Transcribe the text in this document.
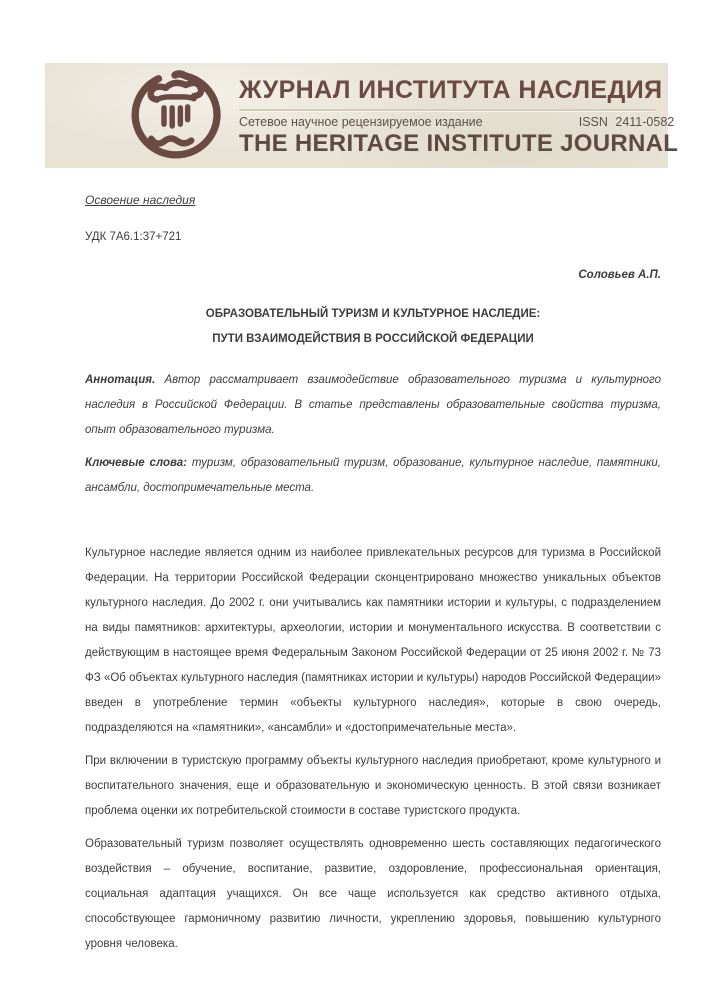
ЖУРНАЛ ИНСТИТУТА НАСЛЕДИЯ
Сетевое научное рецензируемое издание	ISSN 2411-0582
THE HERITAGE INSTITUTE JOURNAL
Освоение наследия
УДК 7А6.1:37+721
Соловьев А.П.
ОБРАЗОВАТЕЛЬНЫЙ ТУРИЗМ И КУЛЬТУРНОЕ НАСЛЕДИЕ:
ПУТИ ВЗАИМОДЕЙСТВИЯ В РОССИЙСКОЙ ФЕДЕРАЦИИ
Аннотация. Автор рассматривает взаимодействие образовательного туризма и культурного наследия в Российской Федерации. В статье представлены образовательные свойства туризма, опыт образовательного туризма.
Ключевые слова: туризм, образовательный туризм, образование, культурное наследие, памятники, ансамбли, достопримечательные места.

Культурное наследие является одним из наиболее привлекательных ресурсов для туризма в Российской Федерации. На территории Российской Федерации сконцентрировано множество уникальных объектов культурного наследия. До 2002 г. они учитывались как памятники истории и культуры, с подразделением на виды памятников: архитектуры, археологии, истории и монументального искусства. В соответствии с действующим в настоящее время Федеральным Законом Российской Федерации от 25 июня 2002 г. № 73 ФЗ «Об объектах культурного наследия (памятниках истории и культуры) народов Российской Федерации» введен в употребление термин «объекты культурного наследия», которые в свою очередь, подразделяются на «памятники», «ансамбли» и «достопримечательные места».

При включении в туристскую программу объекты культурного наследия приобретают, кроме культурного и воспитательного значения, еще и образовательную и экономическую ценность. В этой связи возникает проблема оценки их потребительской стоимости в составе туристского продукта.

Образовательный туризм позволяет осуществлять одновременно шесть составляющих педагогического воздействия – обучение, воспитание, развитие, оздоровление, профессиональная ориентация, социальная адаптация учащихся. Он все чаще используется как средство активного отдыха, способствующее гармоничному развитию личности, укреплению здоровья, повышению культурного уровня человека.
